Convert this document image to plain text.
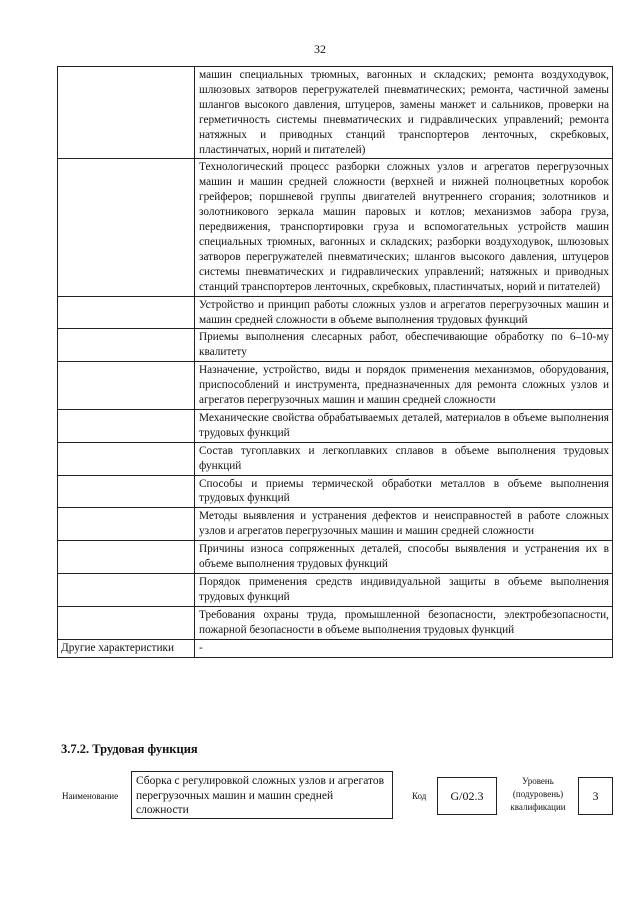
32
	машин специальных трюмных, вагонных и складских; ремонта воздуходувок, шлюзовых затворов перегружателей пневматических; ремонта, частичной замены шлангов высокого давления, штуцеров, замены манжет и сальников, проверки на герметичность системы пневматических и гидравлических управлений; ремонта натяжных и приводных станций транспортеров ленточных, скребковых, пластинчатых, норий и питателей)
	Технологический процесс разборки сложных узлов и агрегатов перегрузочных машин и машин средней сложности (верхней и нижней полноцветных коробок грейферов; поршневой группы двигателей внутреннего сгорания; золотников и золотникового зеркала машин паровых и котлов; механизмов забора груза, передвижения, транспортировки груза и вспомогательных устройств машин специальных трюмных, вагонных и складских; разборки воздуходувок, шлюзовых затворов перегружателей пневматических; шлангов высокого давления, штуцеров системы пневматических и гидравлических управлений; натяжных и приводных станций транспортеров ленточных, скребковых, пластинчатых, норий и питателей)
	Устройство и принцип работы сложных узлов и агрегатов перегрузочных машин и машин средней сложности в объеме выполнения трудовых функций
	Приемы выполнения слесарных работ, обеспечивающие обработку по 6–10-му квалитету
	Назначение, устройство, виды и порядок применения механизмов, оборудования, приспособлений и инструмента, предназначенных для ремонта сложных узлов и агрегатов перегрузочных машин и машин средней сложности
	Механические свойства обрабатываемых деталей, материалов в объеме выполнения трудовых функций
	Состав тугоплавких и легкоплавких сплавов в объеме выполнения трудовых функций
	Способы и приемы термической обработки металлов в объеме выполнения трудовых функций
	Методы выявления и устранения дефектов и неисправностей в работе сложных узлов и агрегатов перегрузочных машин и машин средней сложности
	Причины износа сопряженных деталей, способы выявления и устранения их в объеме выполнения трудовых функций
	Порядок применения средств индивидуальной защиты в объеме выполнения трудовых функций
	Требования охраны труда, промышленной безопасности, электробезопасности, пожарной безопасности в объеме выполнения трудовых функций
Другие характеристики	-
3.7.2. Трудовая функция
Наименование
Сборка с регулировкой сложных узлов и агрегатов перегрузочных машин и машин средней сложности
Код	G/02.3
Уровень (подуровень) квалификации
3
